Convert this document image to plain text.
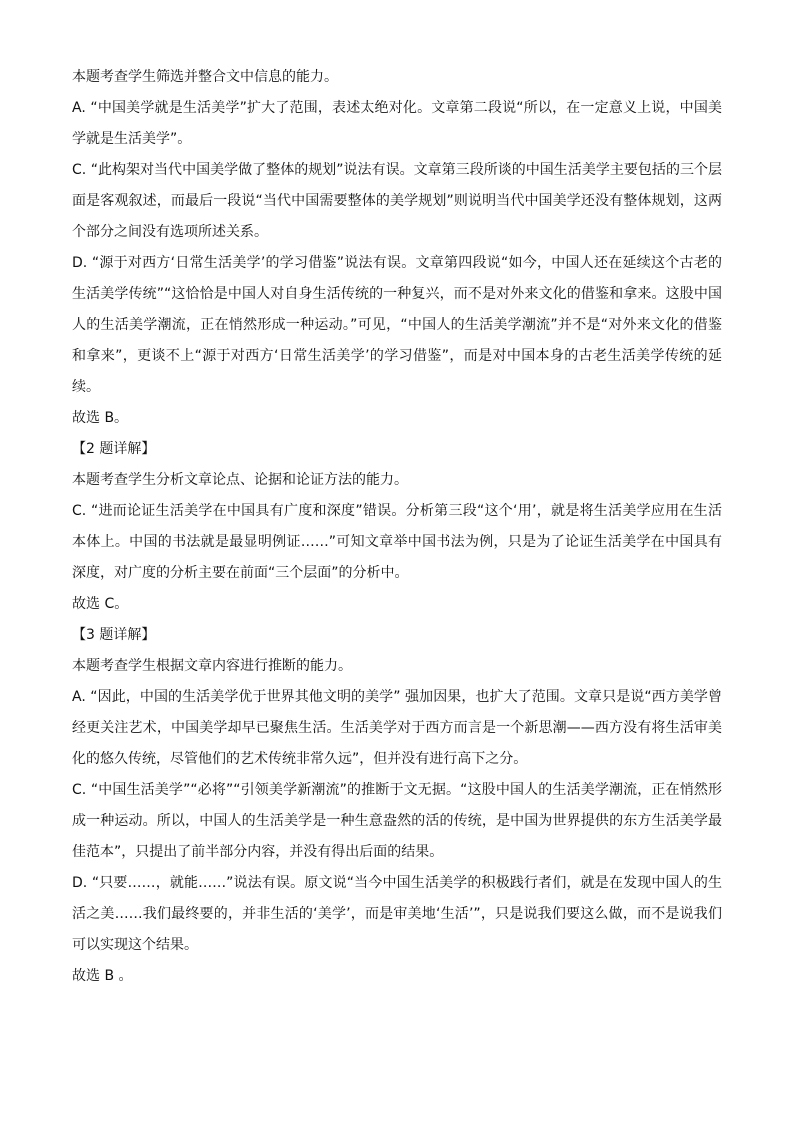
本题考查学生筛选并整合文中信息的能力。

A. “中国美学就是生活美学”扩大了范围，表述太绝对化。文章第二段说“所以，在一定意义上说，中国美学就是生活美学”。

C. “此构架对当代中国美学做了整体的规划”说法有误。文章第三段所谈的中国生活美学主要包括的三个层面是客观叙述，而最后一段说“当代中国需要整体的美学规划”则说明当代中国美学还没有整体规划，这两个部分之间没有选项所述关系。

D. “源于对西方‘日常生活美学’的学习借鉴”说法有误。文章第四段说“如今，中国人还在延续这个古老的生活美学传统”“这恰恰是中国人对自身生活传统的一种复兴，而不是对外来文化的借鉴和拿来。这股中国人的生活美学潮流，正在悄然形成一种运动。”可见，“中国人的生活美学潮流”并不是“对外来文化的借鉴和拿来”，更谈不上“源于对西方‘日常生活美学’的学习借鉴”，而是对中国本身的古老生活美学传统的延续。

故选 B。

【2 题详解】

本题考查学生分析文章论点、论据和论证方法的能力。

C. “进而论证生活美学在中国具有广度和深度”错误。分析第三段“这个‘用’，就是将生活美学应用在生活本体上。中国的书法就是最显明例证……”可知文章举中国书法为例，只是为了论证生活美学在中国具有深度，对广度的分析主要在前面“三个层面”的分析中。

故选 C。

【3 题详解】

本题考查学生根据文章内容进行推断的能力。

A. “因此，中国的生活美学优于世界其他文明的美学” 强加因果，也扩大了范围。文章只是说“西方美学曾经更关注艺术，中国美学却早已聚焦生活。生活美学对于西方而言是一个新思潮——西方没有将生活审美化的悠久传统，尽管他们的艺术传统非常久远”，但并没有进行高下之分。

C. “中国生活美学”“必将”“引领美学新潮流”的推断于文无据。“这股中国人的生活美学潮流，正在悄然形成一种运动。所以，中国人的生活美学是一种生意盎然的活的传统，是中国为世界提供的东方生活美学最佳范本”，只提出了前半部分内容，并没有得出后面的结果。

D. “只要……，就能……”说法有误。原文说“当今中国生活美学的积极践行者们，就是在发现中国人的生活之美……我们最终要的，并非生活的‘美学’，而是审美地‘生活’”，只是说我们要这么做，而不是说我们可以实现这个结果。

故选 B 。
